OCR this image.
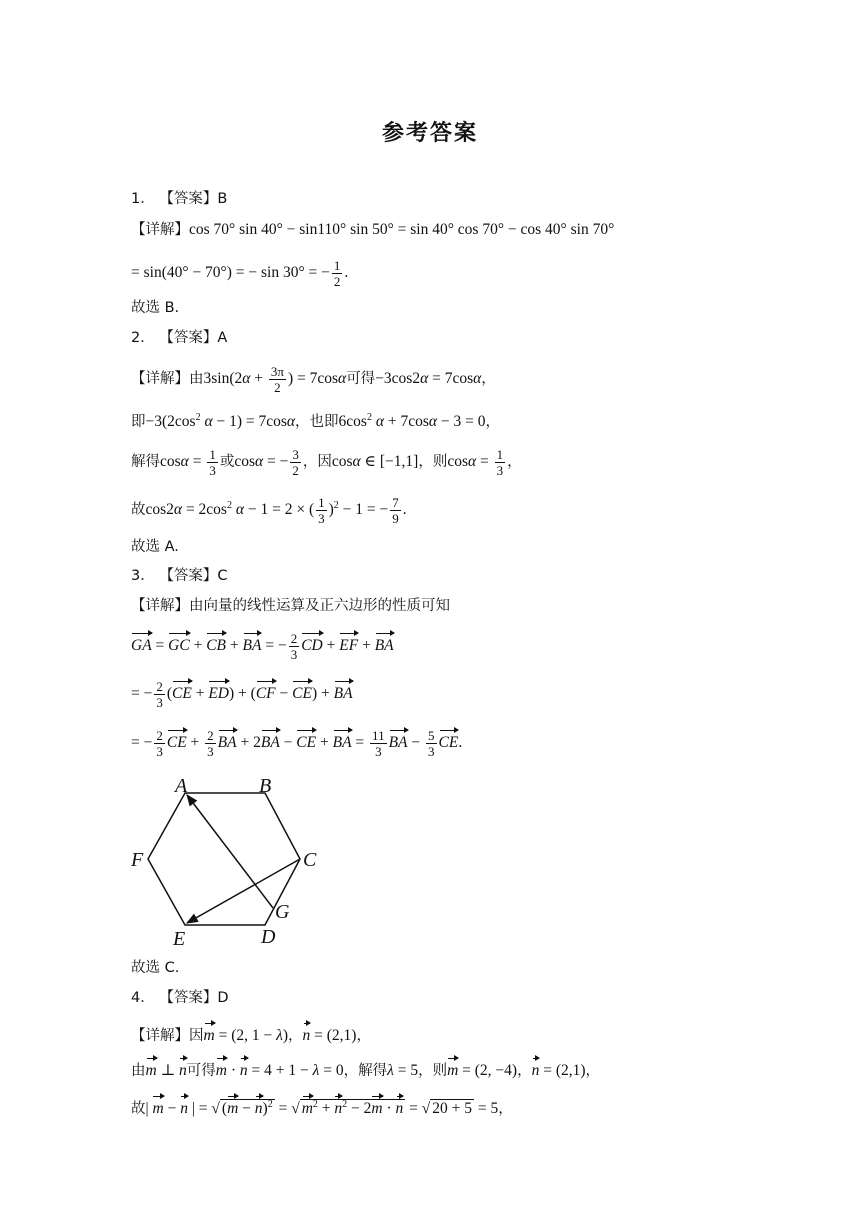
参考答案
1． 【答案】B
【详解】cos 70° sin 40° − sin110° sin 50° = sin 40° cos 70° − cos 40° sin 70°
= sin(40° − 70°) = − sin 30° = − $\frac{1}{2}$ .
故选 B.
2． 【答案】A
【详解】由$3\sin(2\alpha + \frac{3\pi}{2}$ ) = 7cosα可得−3cos2α = 7cosα，
即$-3(2\cos^2$ α − 1) = 7cosα，也即$6\cos^2$ α + 7cosα − 3 = 0，
解得$\cos\alpha = \frac{1}{3}$ 或cosα = − $\frac{3}{2}$ ，因cosα ∈ [−1,1]，则$\cos\alpha = \frac{1}{3}$ ，
故$\cos 2\alpha = 2\cos^2$ α − 1 = 2 × ( $\frac{1}{3} )^2 - 1$ = − $\frac{7}{9}$ .
故选 A.
3． 【答案】C
【详解】由向量的线性运算及正六边形的性质可知
GA = GC + CB + BA = − $\frac{2}{3}$ CD + EF + BA
= − $\frac{2}{3} (CE + ED) + (CF - CE)$ + BA
= − $\frac{2}{3}$ CE + $\frac{2}{3}$ BA + 2BA − CE + BA = $\frac{11}{3}$ BA − $\frac{5}{3}$ CE.
A	B
C
D
E
F
G
故选 C.
4． 【答案】D
【详解】因m = (2, 1 − λ)，n = (2,1)，
由m ⊥ n可得m · n = 4 + 1 − λ = 0，解得λ = 5，则m = (2, −4)，n = (2,1)，
故| m − n | = √ $(m - n)^2$ = √ $m^2 + n^2 - 2m \cdot n$ = √ 20 + 5 = 5，
